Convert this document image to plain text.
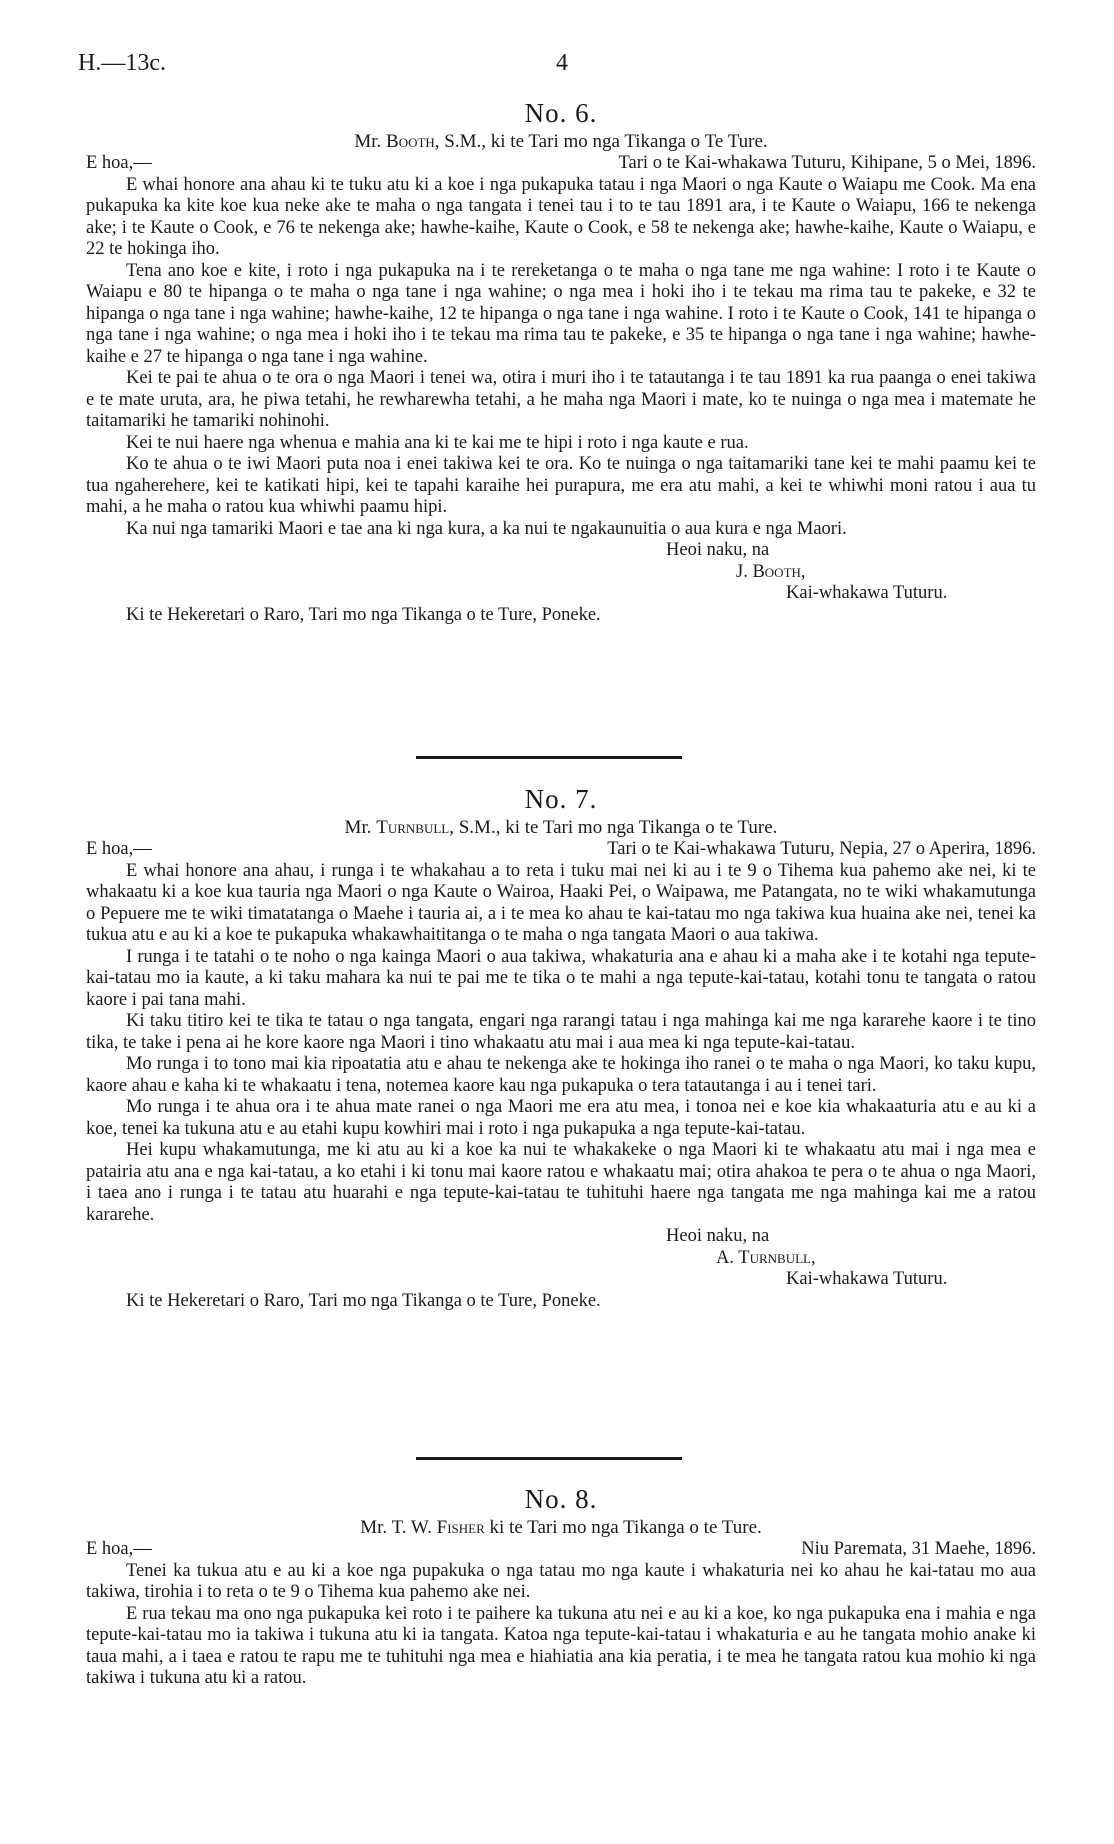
H.—13c.	4
No. 6.
Mr. Booth, S.M., ki te Tari mo nga Tikanga o Te Ture.
E hoa,—	Tari o te Kai-whakawa Tuturu, Kihipane, 5 o Mei, 1896.

E whai honore ana ahau ki te tuku atu ki a koe i nga pukapuka tatau i nga Maori o nga Kaute o Waiapu me Cook. Ma ena pukapuka ka kite koe kua neke ake te maha o nga tangata i tenei tau i to te tau 1891 ara, i te Kaute o Waiapu, 166 te nekenga ake; i te Kaute o Cook, e 76 te nekenga ake; hawhe-kaihe, Kaute o Cook, e 58 te nekenga ake; hawhe-kaihe, Kaute o Waiapu, e 22 te hokinga iho.

Tena ano koe e kite, i roto i nga pukapuka na i te rereketanga o te maha o nga tane me nga wahine: I roto i te Kaute o Waiapu e 80 te hipanga o te maha o nga tane i nga wahine; o nga mea i hoki iho i te tekau ma rima tau te pakeke, e 32 te hipanga o nga tane i nga wahine; hawhe-kaihe, 12 te hipanga o nga tane i nga wahine. I roto i te Kaute o Cook, 141 te hipanga o nga tane i nga wahine; o nga mea i hoki iho i te tekau ma rima tau te pakeke, e 35 te hipanga o nga tane i nga wahine; hawhe-kaihe e 27 te hipanga o nga tane i nga wahine.

Kei te pai te ahua o te ora o nga Maori i tenei wa, otira i muri iho i te tatautanga i te tau 1891 ka rua paanga o enei takiwa e te mate uruta, ara, he piwa tetahi, he rewharewha tetahi, a he maha nga Maori i mate, ko te nuinga o nga mea i matemate he taitamariki he tamariki nohinohi.

Kei te nui haere nga whenua e mahia ana ki te kai me te hipi i roto i nga kaute e rua.

Ko te ahua o te iwi Maori puta noa i enei takiwa kei te ora. Ko te nuinga o nga taitamariki tane kei te mahi paamu kei te tua ngaherehere, kei te katikati hipi, kei te tapahi karaihe hei purapura, me era atu mahi, a kei te whiwhi moni ratou i aua tu mahi, a he maha o ratou kua whiwhi paamu hipi.

Ka nui nga tamariki Maori e tae ana ki nga kura, a ka nui te ngakaunuitia o aua kura e nga Maori.

Heoi naku, na
J. Booth,
Kai-whakawa Tuturu.
Ki te Hekeretari o Raro, Tari mo nga Tikanga o te Ture, Poneke.
No. 7.
Mr. Turnbull, S.M., ki te Tari mo nga Tikanga o te Ture.
E hoa,—	Tari o te Kai-whakawa Tuturu, Nepia, 27 o Aperira, 1896.

E whai honore ana ahau, i runga i te whakahau a to reta i tuku mai nei ki au i te 9 o Tihema kua pahemo ake nei, ki te whakaatu ki a koe kua tauria nga Maori o nga Kaute o Wairoa, Haaki Pei, o Waipawa, me Patangata, no te wiki whakamutunga o Pepuere me te wiki timatatanga o Maehe i tauria ai, a i te mea ko ahau te kai-tatau mo nga takiwa kua huaina ake nei, tenei ka tukua atu e au ki a koe te pukapuka whakawhaititanga o te maha o nga tangata Maori o aua takiwa.

I runga i te tatahi o te noho o nga kainga Maori o aua takiwa, whakaturia ana e ahau ki a maha ake i te kotahi nga tepute-kai-tatau mo ia kaute, a ki taku mahara ka nui te pai me te tika o te mahi a nga tepute-kai-tatau, kotahi tonu te tangata o ratou kaore i pai tana mahi.

Ki taku titiro kei te tika te tatau o nga tangata, engari nga rarangi tatau i nga mahinga kai me nga kararehe kaore i te tino tika, te take i pena ai he kore kaore nga Maori i tino whakaatu atu mai i aua mea ki nga tepute-kai-tatau.

Mo runga i to tono mai kia ripoatatia atu e ahau te nekenga ake te hokinga iho ranei o te maha o nga Maori, ko taku kupu, kaore ahau e kaha ki te whakaatu i tena, notemea kaore kau nga pukapuka o tera tatautanga i au i tenei tari.

Mo runga i te ahua ora i te ahua mate ranei o nga Maori me era atu mea, i tonoa nei e koe kia whakaaturia atu e au ki a koe, tenei ka tukuna atu e au etahi kupu kowhiri mai i roto i nga pukapuka a nga tepute-kai-tatau.

Hei kupu whakamutunga, me ki atu au ki a koe ka nui te whakakeke o nga Maori ki te whakaatu atu mai i nga mea e patairia atu ana e nga kai-tatau, a ko etahi i ki tonu mai kaore ratou e whakaatu mai; otira ahakoa te pera o te ahua o nga Maori, i taea ano i runga i te tatau atu huarahi e nga tepute-kai-tatau te tuhituhi haere nga tangata me nga mahinga kai me a ratou kararehe.

Heoi naku, na
A. Turnbull,
Kai-whakawa Tuturu.
Ki te Hekeretari o Raro, Tari mo nga Tikanga o te Ture, Poneke.
No. 8.
Mr. T. W. Fisher ki te Tari mo nga Tikanga o te Ture.
E hoa,—	Niu Paremata, 31 Maehe, 1896.

Tenei ka tukua atu e au ki a koe nga pupakuka o nga tatau mo nga kaute i whakaturia nei ko ahau he kai-tatau mo aua takiwa, tirohia i to reta o te 9 o Tihema kua pahemo ake nei.

E rua tekau ma ono nga pukapuka kei roto i te paihere ka tukuna atu nei e au ki a koe, ko nga pukapuka ena i mahia e nga tepute-kai-tatau mo ia takiwa i tukuna atu ki ia tangata. Katoa nga tepute-kai-tatau i whakaturia e au he tangata mohio anake ki taua mahi, a i taea e ratou te rapu me te tuhituhi nga mea e hiahiatia ana kia peratia, i te mea he tangata ratou kua mohio ki nga takiwa i tukuna atu ki a ratou.
